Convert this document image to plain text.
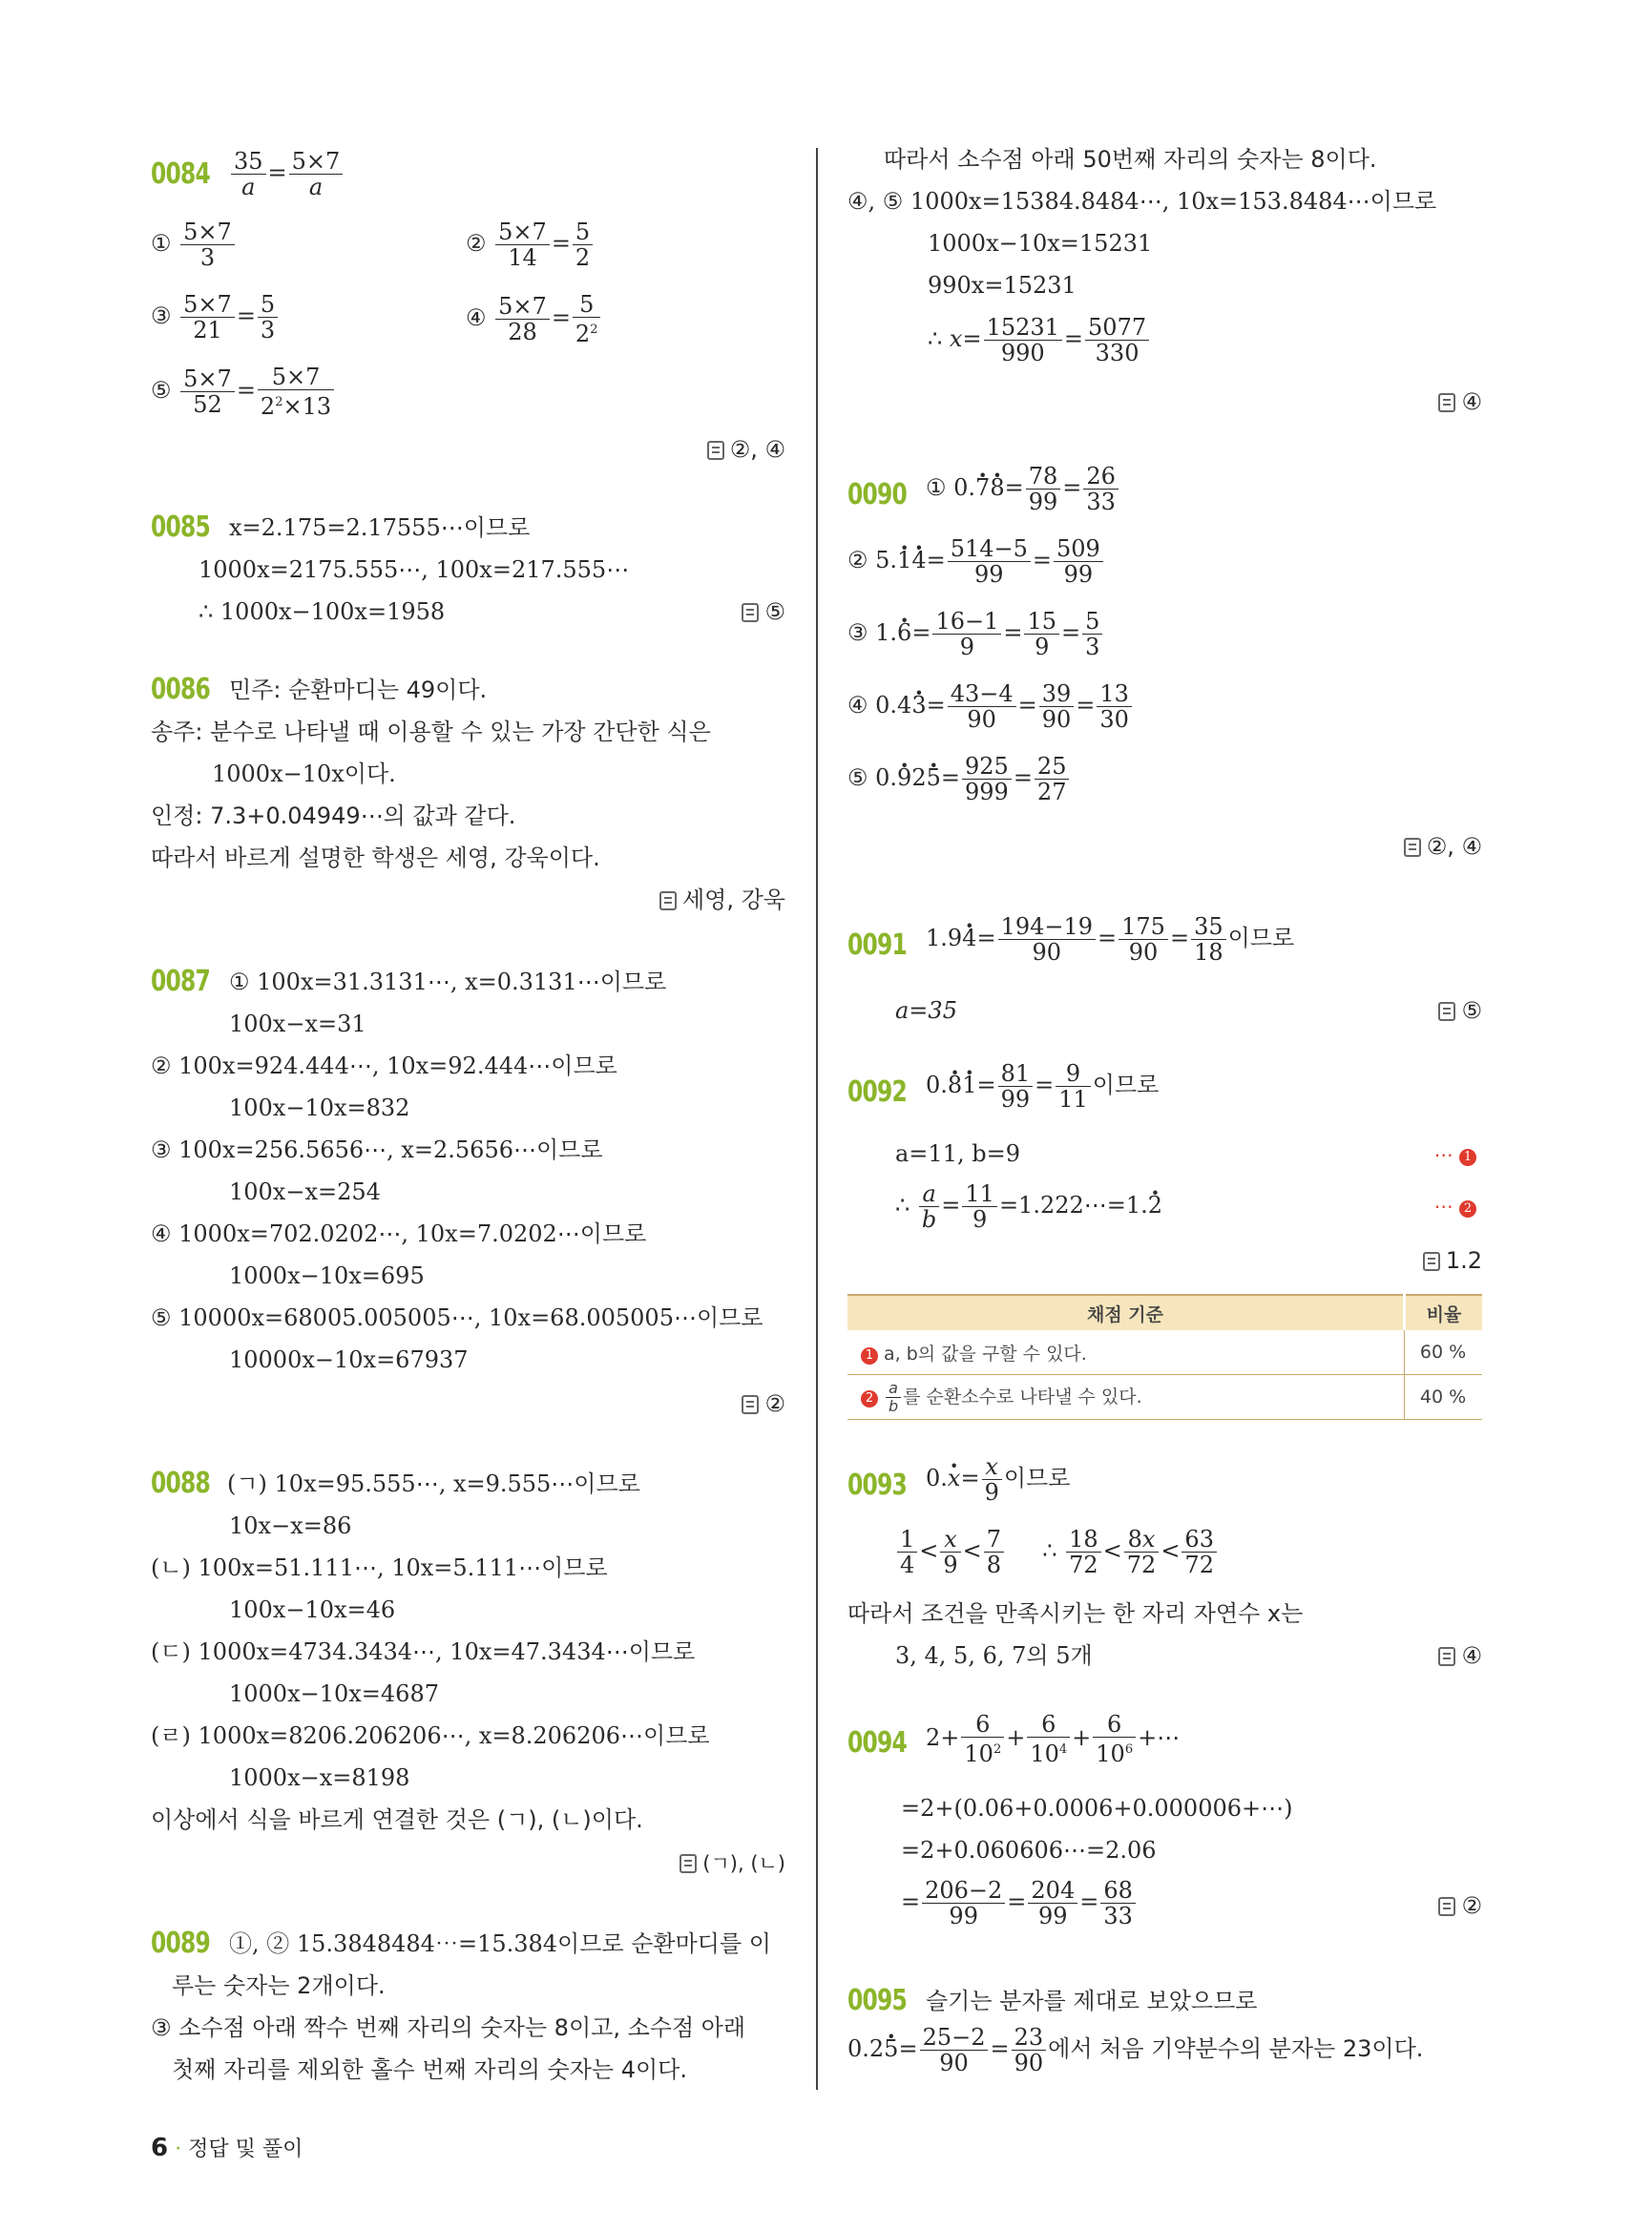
$0084 \frac{35}{a} = \frac{5\times 7}{a}$
① $\frac{5\times 7}{3}$	② $\frac{5\times 7}{14} = \frac{5}{2}$
③ $\frac{5\times 7}{21} = \frac{5}{3}$	④ $\frac{5\times 7}{28} = \frac{5}{2^2}$
⑤ $\frac{5\times 7}{52} = \frac{5\times 7}{2^2\times 13}$
②, ④
0085 x=2.175=2.17555⋯이므로
1000x=2175.555⋯, 100x=217.555⋯
∴ 1000x−100x=1958	⑤
0086 민주: 순환마디는 49이다.
송주: 분수로 나타낼 때 이용할 수 있는 가장 간단한 식은
1000x−10x이다.
인정: 7.3+0.04949⋯의 값과 같다.
따라서 바르게 설명한 학생은 세영, 강욱이다.
세영, 강욱
0087 ① 100x=31.3131⋯, x=0.3131⋯이므로
100x−x=31
② 100x=924.444⋯, 10x=92.444⋯이므로
100x−10x=832
③ 100x=256.5656⋯, x=2.5656⋯이므로
100x−x=254
④ 1000x=702.0202⋯, 10x=7.0202⋯이므로
1000x−10x=695
⑤ 10000x=68005.005005⋯, 10x=68.005005⋯이므로
10000x−10x=67937
②
0088 (ㄱ) 10x=95.555⋯, x=9.555⋯이므로
10x−x=86
(ㄴ) 100x=51.111⋯, 10x=5.111⋯이므로
100x−10x=46
(ㄷ) 1000x=4734.3434⋯, 10x=47.3434⋯이므로
1000x−10x=4687
(ㄹ) 1000x=8206.206206⋯, x=8.206206⋯이므로
1000x−x=8198
이상에서 식을 바르게 연결한 것은 (ㄱ), (ㄴ)이다.
(ㄱ), (ㄴ)
0089 ①, ② 15.3848484⋯=15.384이므로 순환마디를 이
루는 숫자는 2개이다.
③ 소수점 아래 짝수 번째 자리의 숫자는 8이고, 소수점 아래
첫째 자리를 제외한 홀수 번째 자리의 숫자는 4이다.
따라서 소수점 아래 50번째 자리의 숫자는 8이다.
④, ⑤ 1000x=15384.8484⋯, 10x=153.8484⋯이므로
1000x−10x=15231
990x=15231
∴ $x= \frac{15231}{990} = \frac{5077}{330}$
④
0090 ① $0.7 \cdot 8 \cdot= \frac{78}{99} = \frac{26}{33}$
② $5.1 \cdot 4 \cdot= \frac{514-5}{99} = \frac{509}{99}$
③ $1.6 \cdot= \frac{16-1}{9} = \frac{15}{9} = \frac{5}{3}$
④ $0.43 \cdot= \frac{43-4}{90} = \frac{39}{90} = \frac{13}{30}$
⑤ $0.9 \cdot 25 \cdot= \frac{925}{999} = \frac{25}{27}$
②, ④
0091 $1.94 \cdot= \frac{194-19}{90} = \frac{175}{90} = \frac{35}{18}$ 이므로
a=35	⑤
0092 $0.8 \cdot 1 \cdot= \frac{81}{99} = \frac{9}{11}$ 이므로
a=11, b=9	⋯ 1
∴ $\frac{a}{b} = \frac{11}{9}$ =1.222⋯=1.2 ·	⋯ 2
1.2
채점 기준	비율
1 a, b의 값을 구할 수 있다.	60 %
$2 \frac{a}{b}$ 를 순환소수로 나타낼 수 있다.	40 %
0093 $0.x \cdot= \frac{x}{9}$ 이므로
$\frac{1}{4} < \frac{x}{9} < \frac{7}{8}$ ∴ $\frac{18}{72} < \frac{8x}{72} < \frac{63}{72}$
따라서 조건을 만족시키는 한 자리 자연수 x는
3, 4, 5, 6, 7의 5개	④
0094 $2+ \frac{6}{10^2} + \frac{6}{10^4} + \frac{6}{10^6}$ +⋯
=2+(0.06+0.0006+0.000006+⋯)
=2+0.060606⋯=2.06
= $\frac{206-2}{99} = \frac{204}{99} = \frac{68}{33}$	②
0095 슬기는 분자를 제대로 보았으므로
$0.25 \cdot= \frac{25-2}{90} = \frac{23}{90}$ 에서 처음 기약분수의 분자는 23이다.
6 · 정답 및 풀이
